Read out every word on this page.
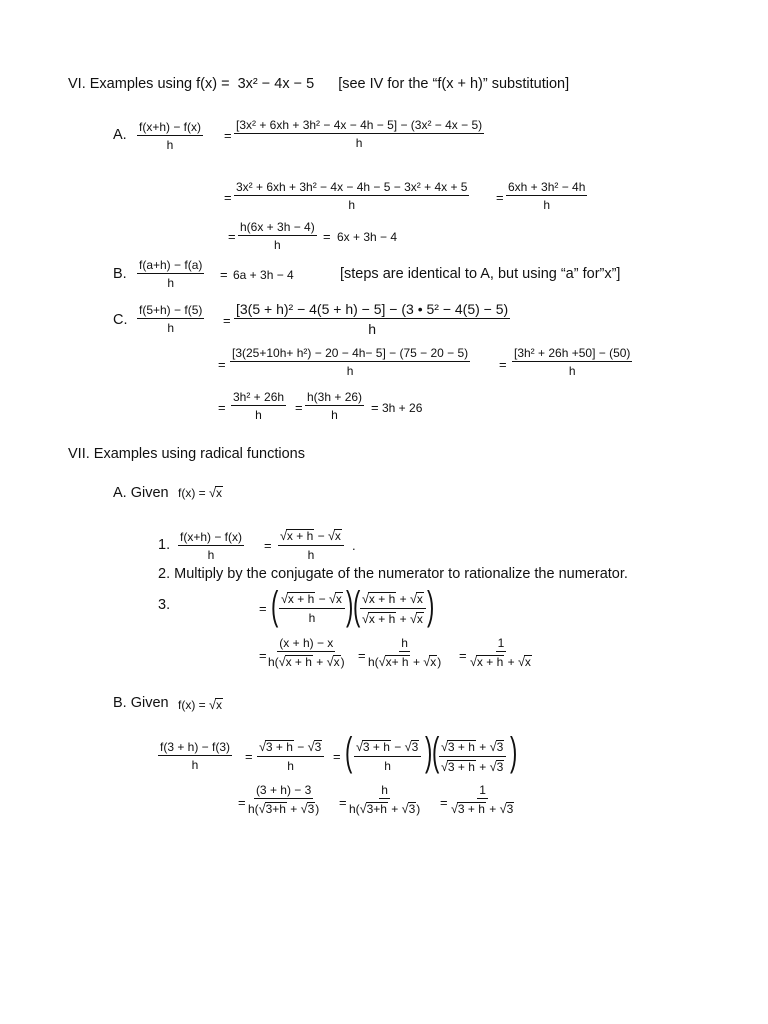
VI. Examples using f(x) = 3x² − 4x − 5 [see IV for the “f(x + h)” substitution]
A. $\frac{f(x+h) - f(x)}{h} = \frac{\text{[3x² + 6xh + 3h² − 4x − 4h − 5] − (3x² − 4x − 5)}}{h}$
= $\frac{\text{3x² + 6xh + 3h² − 4x − 4h − 5 − 3x² + 4x + 5}}{h} = \frac{\text{6xh + 3h² − 4h}}{h}$
= $\frac{h(6x + 3h - 4)}{h} = 6x + 3h - 4$
B. $\frac{f(a+h) - f(a)}{h} = 6a + 3h - 4$	[steps are identical to A, but using “a” for”x”]
C. $\frac{f(5+h) - f(5)}{h} = \frac{\text{[3(5 + h)² − 4(5 + h) − 5] − (3 • 5² − 4(5) − 5)}}{h}$
= $\frac{\text{[3(25+10h+ h²) − 20 − 4h− 5] − (75 − 20 − 5)}}{h} = \frac{\text{[3h² + 26h +50] − (50)}}{h}$
= $\frac{\text{3h² + 26h}}{h} = \frac{h(3h + 26)}{h} = 3h + 26$
VII. Examples using radical functions
A. Given f(x) = √x
1. $\frac{f(x+h) - f(x)}{h} = \frac{√x + h - √x}{h}$ .
2. Multiply by the conjugate of the numerator to rationalize the numerator.
3.	= ( $\frac{√x + h - √x}{h}$ ) ( $\frac{√x + h + √x}{√x + h + √x}$ )
= $\frac{(x + h) - x}{h(√x + h + √x)} = \frac{h}{h(√x+ h + √x)} = \frac{1}{√x + h + √x}$
B. Given f(x) = √x
$\frac{f(3 + h) - f(3)}{h} = \frac{√3 + h - √3}{h}$ = ( $\frac{√3 + h - √3}{h}$ ) ( $\frac{√3 + h + √3}{√3 + h + √3}$ )
= $\frac{(3 + h) - 3}{h(√3+h + √3)} = \frac{h}{h(√3+h + √3)} = \frac{1}{√3 + h + √3}$
